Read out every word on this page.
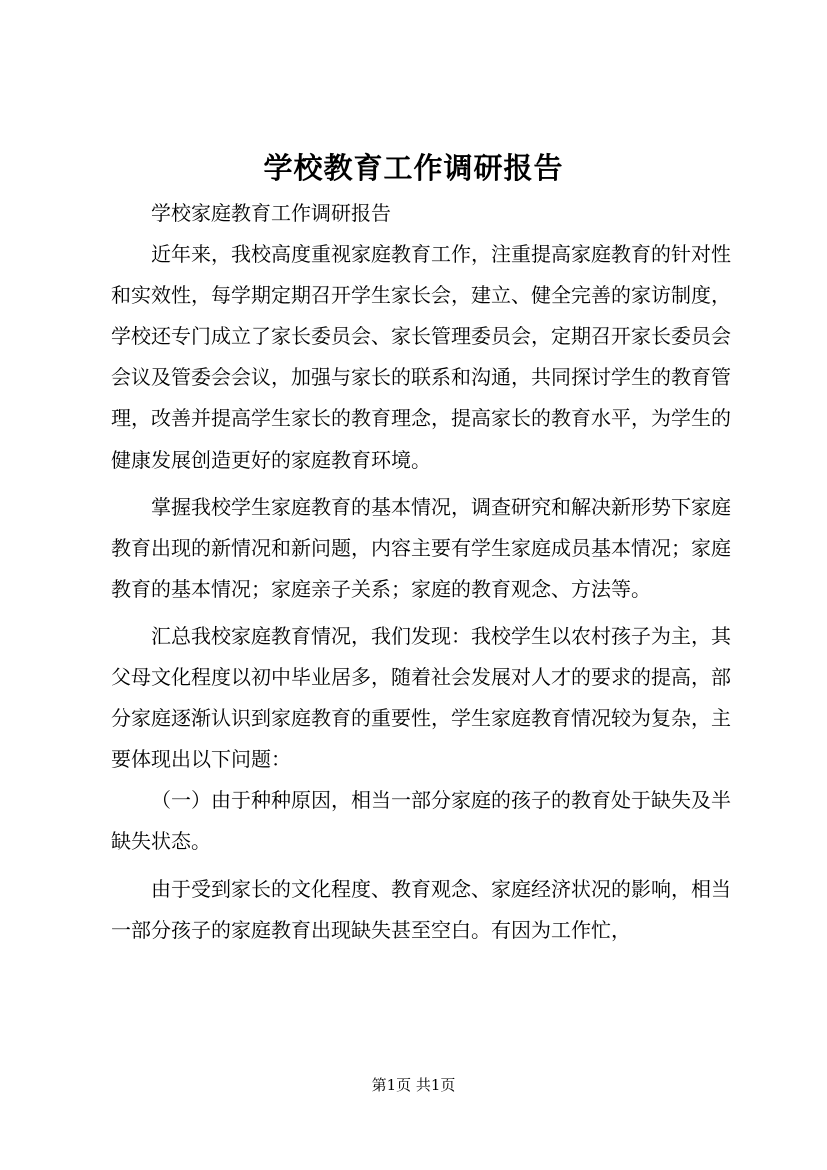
学校教育工作调研报告

学校家庭教育工作调研报告

近年来，我校高度重视家庭教育工作，注重提高家庭教育的针对性和实效性，每学期定期召开学生家长会，建立、健全完善的家访制度，学校还专门成立了家长委员会、家长管理委员会，定期召开家长委员会会议及管委会会议，加强与家长的联系和沟通，共同探讨学生的教育管理，改善并提高学生家长的教育理念，提高家长的教育水平，为学生的健康发展创造更好的家庭教育环境。

掌握我校学生家庭教育的基本情况，调查研究和解决新形势下家庭教育出现的新情况和新问题，内容主要有学生家庭成员基本情况；家庭教育的基本情况；家庭亲子关系；家庭的教育观念、方法等。

汇总我校家庭教育情况，我们发现：我校学生以农村孩子为主，其父母文化程度以初中毕业居多，随着社会发展对人才的要求的提高，部分家庭逐渐认识到家庭教育的重要性，学生家庭教育情况较为复杂，主要体现出以下问题：

（一）由于种种原因，相当一部分家庭的孩子的教育处于缺失及半缺失状态。

由于受到家长的文化程度、教育观念、家庭经济状况的影响，相当一部分孩子的家庭教育出现缺失甚至空白。有因为工作忙，

第1页 共1页
